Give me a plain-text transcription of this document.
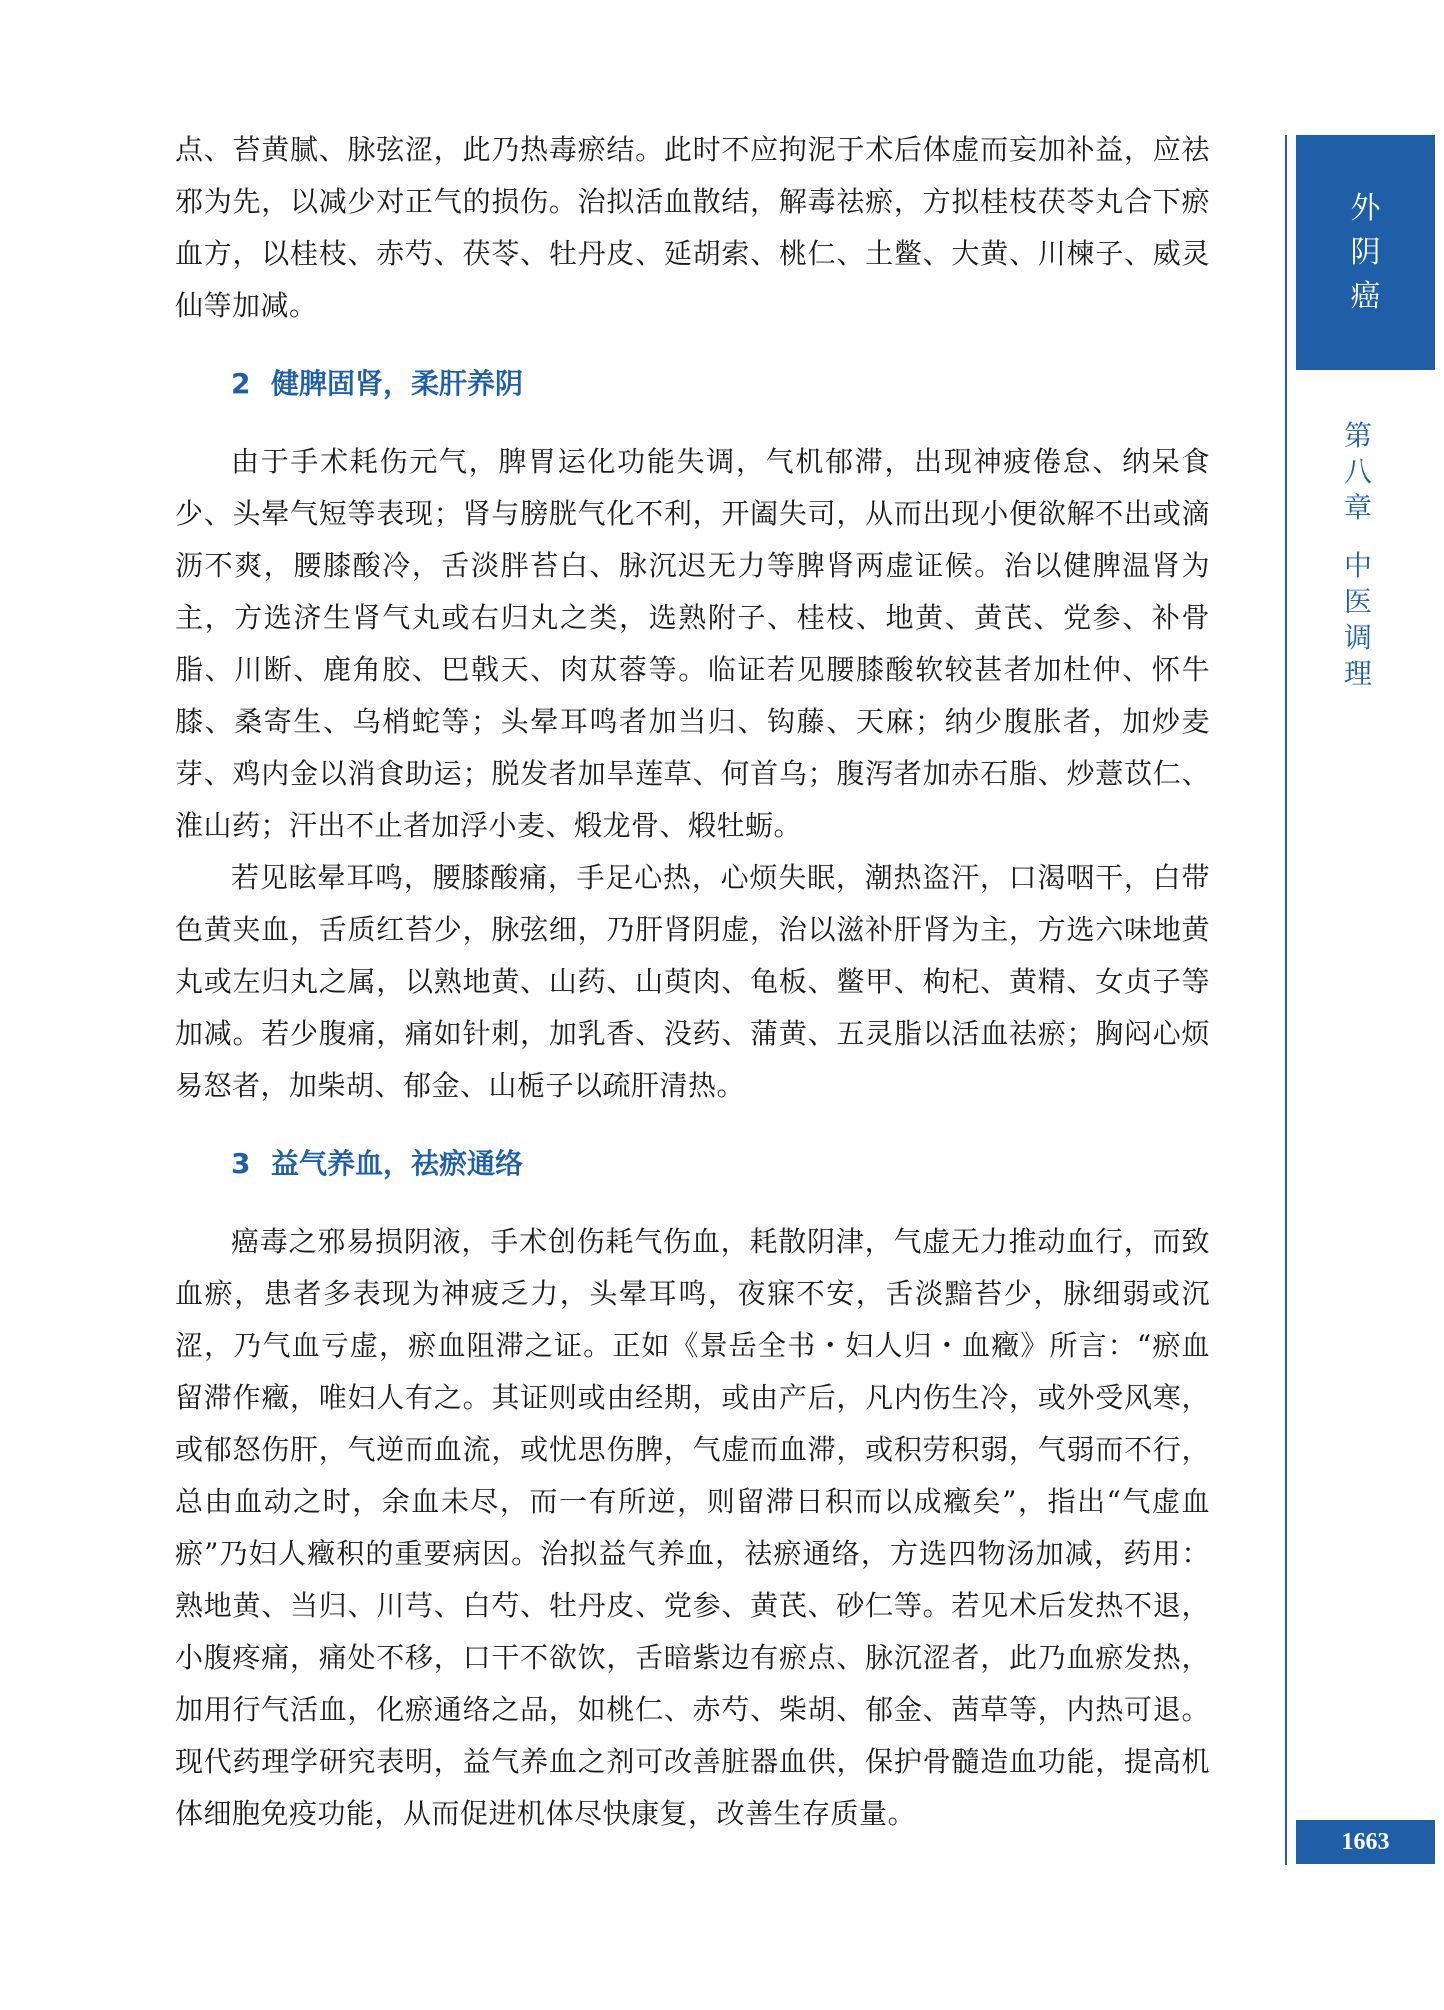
点、苔黄腻、脉弦涩，此乃热毒瘀结。此时不应拘泥于术后体虚而妄加补益，应祛邪为先，以减少对正气的损伤。治拟活血散结，解毒祛瘀，方拟桂枝茯苓丸合下瘀血方，以桂枝、赤芍、茯苓、牡丹皮、延胡索、桃仁、土鳖、大黄、川楝子、威灵仙等加减。

2 健脾固肾，柔肝养阴

由于手术耗伤元气，脾胃运化功能失调，气机郁滞，出现神疲倦怠、纳呆食少、头晕气短等表现；肾与膀胱气化不利，开阖失司，从而出现小便欲解不出或滴沥不爽，腰膝酸冷，舌淡胖苔白、脉沉迟无力等脾肾两虚证候。治以健脾温肾为主，方选济生肾气丸或右归丸之类，选熟附子、桂枝、地黄、黄芪、党参、补骨脂、川断、鹿角胶、巴戟天、肉苁蓉等。临证若见腰膝酸软较甚者加杜仲、怀牛膝、桑寄生、乌梢蛇等；头晕耳鸣者加当归、钩藤、天麻；纳少腹胀者，加炒麦芽、鸡内金以消食助运；脱发者加旱莲草、何首乌；腹泻者加赤石脂、炒薏苡仁、淮山药；汗出不止者加浮小麦、煅龙骨、煅牡蛎。

若见眩晕耳鸣，腰膝酸痛，手足心热，心烦失眠，潮热盗汗，口渴咽干，白带色黄夹血，舌质红苔少，脉弦细，乃肝肾阴虚，治以滋补肝肾为主，方选六味地黄丸或左归丸之属，以熟地黄、山药、山萸肉、龟板、鳖甲、枸杞、黄精、女贞子等加减。若少腹痛，痛如针刺，加乳香、没药、蒲黄、五灵脂以活血祛瘀；胸闷心烦易怒者，加柴胡、郁金、山栀子以疏肝清热。

3 益气养血，祛瘀通络

癌毒之邪易损阴液，手术创伤耗气伤血，耗散阴津，气虚无力推动血行，而致血瘀，患者多表现为神疲乏力，头晕耳鸣，夜寐不安，舌淡黯苔少，脉细弱或沉涩，乃气血亏虚，瘀血阻滞之证。正如《景岳全书・妇人归・血癥》所言：“瘀血留滞作癥，唯妇人有之。其证则或由经期，或由产后，凡内伤生冷，或外受风寒，或郁怒伤肝，气逆而血流，或忧思伤脾，气虚而血滞，或积劳积弱，气弱而不行，总由血动之时，余血未尽，而一有所逆，则留滞日积而以成癥矣”，指出“气虚血瘀”乃妇人癥积的重要病因。治拟益气养血，祛瘀通络，方选四物汤加减，药用：熟地黄、当归、川芎、白芍、牡丹皮、党参、黄芪、砂仁等。若见术后发热不退，小腹疼痛，痛处不移，口干不欲饮，舌暗紫边有瘀点、脉沉涩者，此乃血瘀发热，加用行气活血，化瘀通络之品，如桃仁、赤芍、柴胡、郁金、茜草等，内热可退。现代药理学研究表明，益气养血之剂可改善脏器血供，保护骨髓造血功能，提高机体细胞免疫功能，从而促进机体尽快康复，改善生存质量。

外阴癌
第八章
中医调理
1663
